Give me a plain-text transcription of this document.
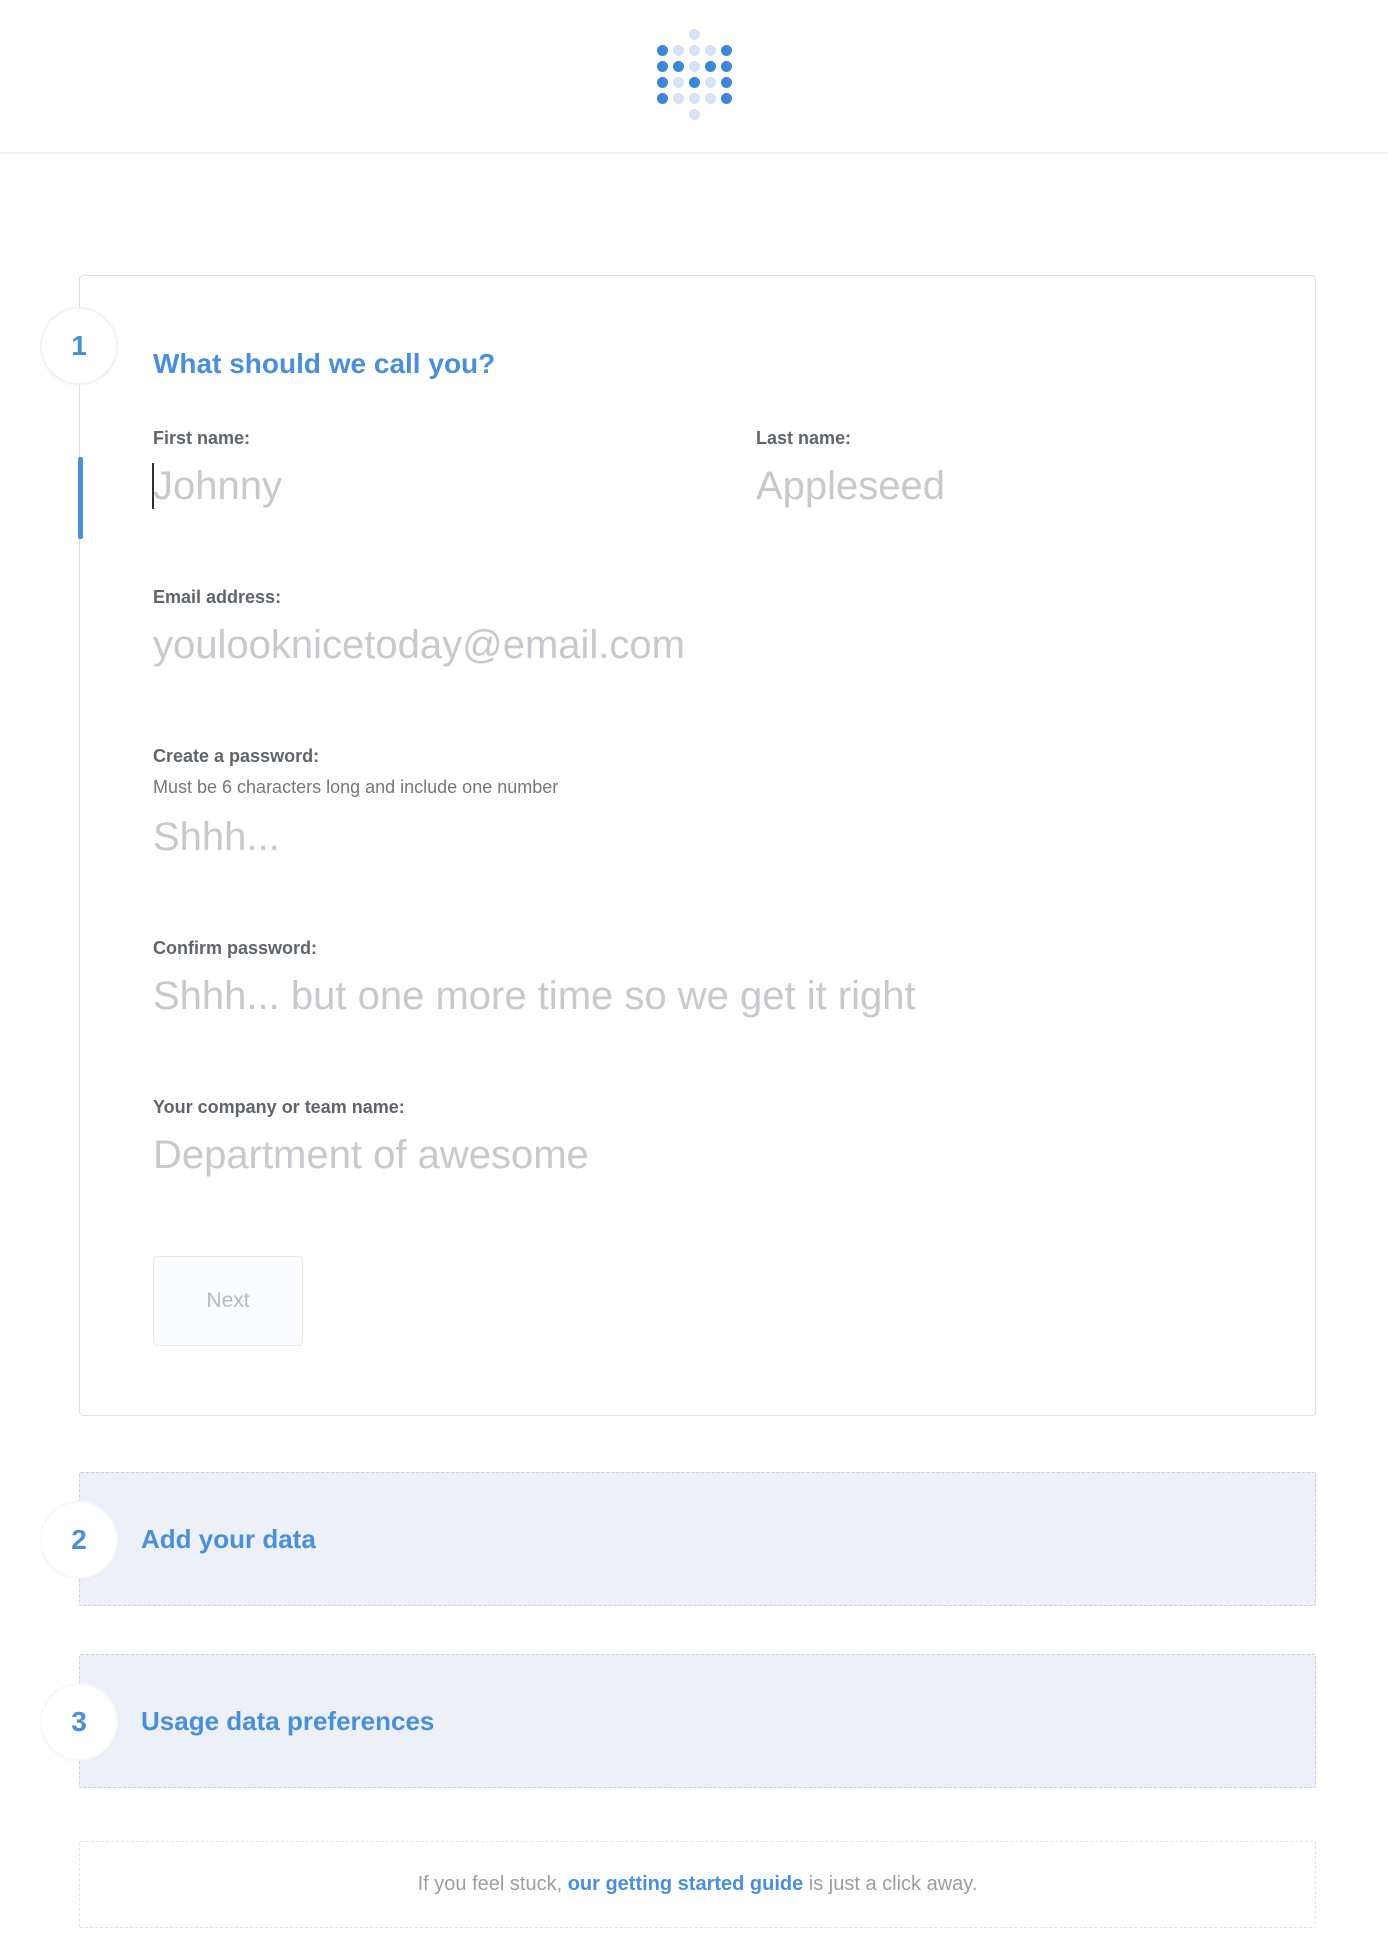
1
What should we call you?
First name:
Johnny	Last name:
Appleseed
Email address:
youlooknicetoday@email.com
Create a password:
Must be 6 characters long and include one number
Shhh...
Confirm password:
Shhh... but one more time so we get it right
Your company or team name:
Department of awesome
Next
2 Add your data
3 Usage data preferences

If you feel stuck, our getting started guide is just a click away.
